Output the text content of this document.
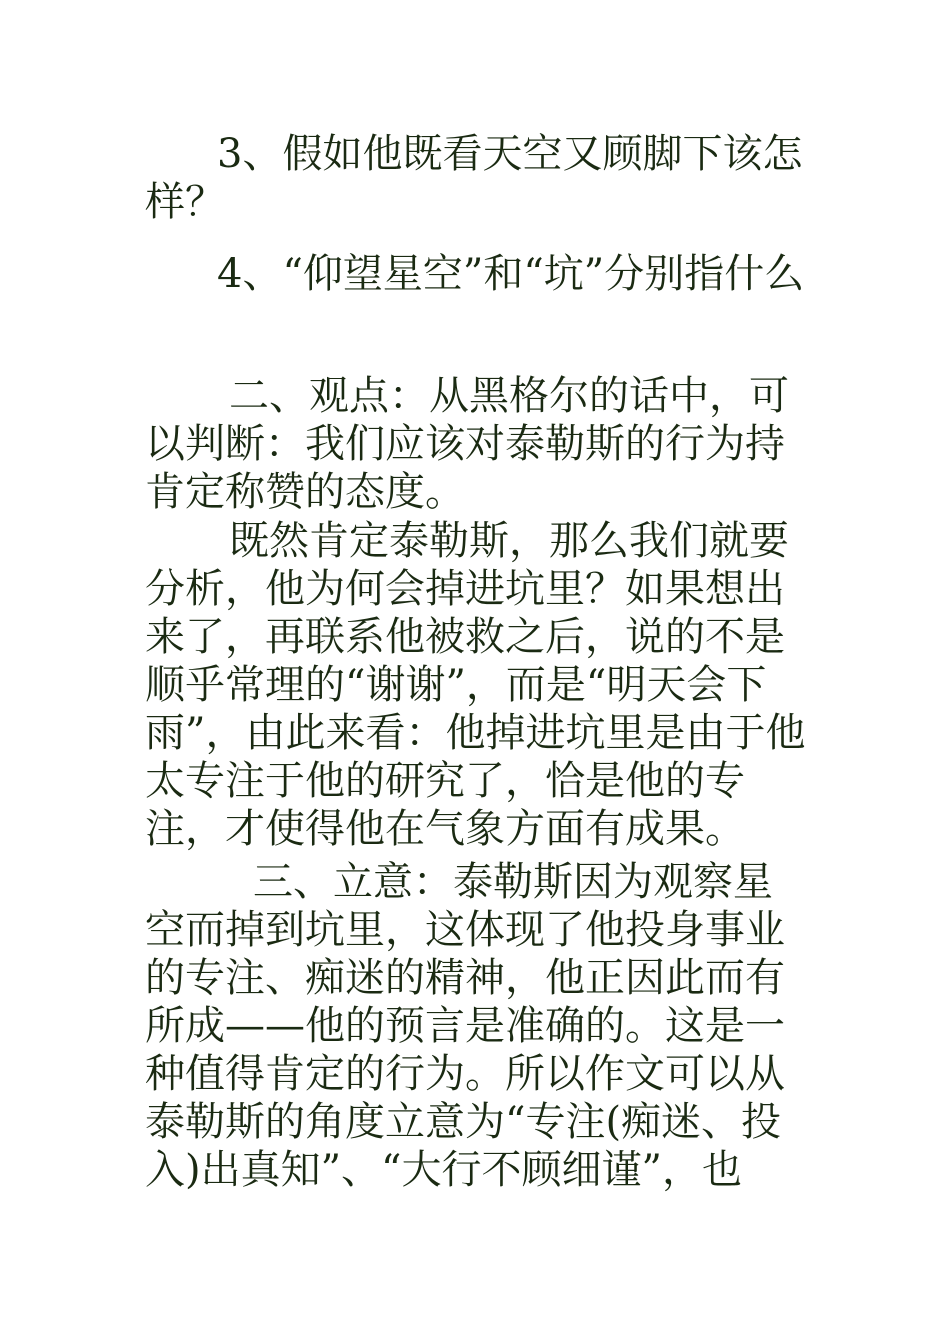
3、假如他既看天空又顾脚下该怎样？

4、“仰望星空”和“坑”分别指什么

二、观点：从黑格尔的话中，可以判断：我们应该对泰勒斯的行为持肯定称赞的态度。

既然肯定泰勒斯，那么我们就要分析，他为何会掉进坑里？如果想出来了，再联系他被救之后，说的不是顺乎常理的“谢谢”，而是“明天会下雨”，由此来看：他掉进坑里是由于他太专注于他的研究了，恰是他的专注，才使得他在气象方面有成果。

三、立意：泰勒斯因为观察星空而掉到坑里，这体现了他投身事业的专注、痴迷的精神，他正因此而有所成——他的预言是准确的。这是一种值得肯定的行为。所以作文可以从泰勒斯的角度立意为“专注(痴迷、投入)出真知”、“大行不顾细谨”，也
